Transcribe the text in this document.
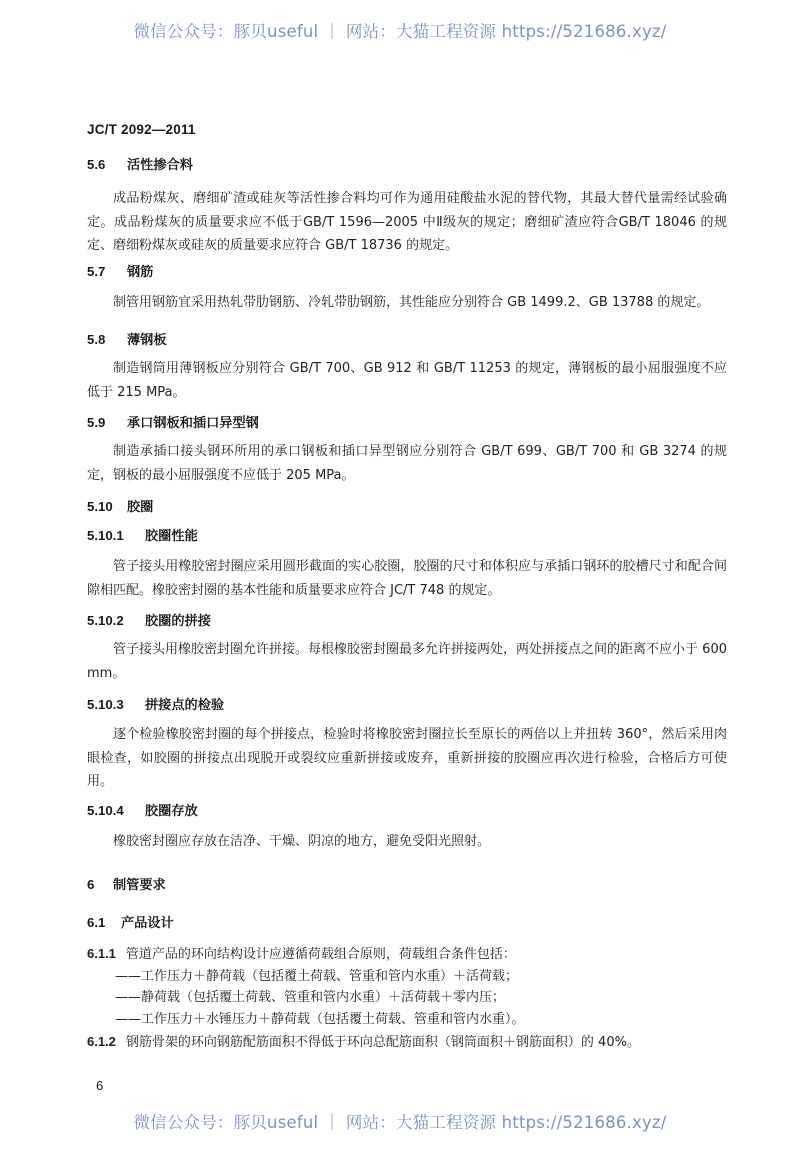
微信公众号：豚贝useful ｜ 网站：大猫工程资源 https://521686.xyz/
JC/T 2092—2011
5.6 活性掺合料
成品粉煤灰、磨细矿渣或硅灰等活性掺合料均可作为通用硅酸盐水泥的替代物，其最大替代量需经试验确定。成品粉煤灰的质量要求应不低于GB/T 1596—2005 中Ⅱ级灰的规定；磨细矿渣应符合GB/T 18046 的规定、磨细粉煤灰或硅灰的质量要求应符合 GB/T 18736 的规定。
5.7 钢筋
制管用钢筋宜采用热轧带肋钢筋、冷轧带肋钢筋，其性能应分别符合 GB 1499.2、GB 13788 的规定。
5.8 薄钢板
制造钢筒用薄钢板应分别符合 GB/T 700、GB 912 和 GB/T 11253 的规定，薄钢板的最小屈服强度不应低于 215 MPa。
5.9 承口钢板和插口异型钢
制造承插口接头钢环所用的承口钢板和插口异型钢应分别符合 GB/T 699、GB/T 700 和 GB 3274 的规定，钢板的最小屈服强度不应低于 205 MPa。
5.10 胶圈
5.10.1 胶圈性能
管子接头用橡胶密封圈应采用圆形截面的实心胶圈，胶圈的尺寸和体积应与承插口钢环的胶槽尺寸和配合间隙相匹配。橡胶密封圈的基本性能和质量要求应符合 JC/T 748 的规定。
5.10.2 胶圈的拼接
管子接头用橡胶密封圈允许拼接。每根橡胶密封圈最多允许拼接两处，两处拼接点之间的距离不应小于 600 mm。
5.10.3 拼接点的检验
逐个检验橡胶密封圈的每个拼接点，检验时将橡胶密封圈拉长至原长的两倍以上并扭转 360°，然后采用肉眼检查，如胶圈的拼接点出现脱开或裂纹应重新拼接或废弃，重新拼接的胶圈应再次进行检验，合格后方可使用。
5.10.4 胶圈存放
橡胶密封圈应存放在洁净、干燥、阴凉的地方，避免受阳光照射。
6 制管要求
6.1 产品设计
6.1.1 管道产品的环向结构设计应遵循荷载组合原则，荷载组合条件包括：
——工作压力＋静荷载（包括覆土荷载、管重和管内水重）＋活荷载；
——静荷载（包括覆土荷载、管重和管内水重）＋活荷载＋零内压；
——工作压力＋水锤压力＋静荷载（包括覆土荷载、管重和管内水重）。
6.1.2 钢筋骨架的环向钢筋配筋面积不得低于环向总配筋面积（钢筒面积＋钢筋面积）的 40%。
6
微信公众号：豚贝useful ｜ 网站：大猫工程资源 https://521686.xyz/
